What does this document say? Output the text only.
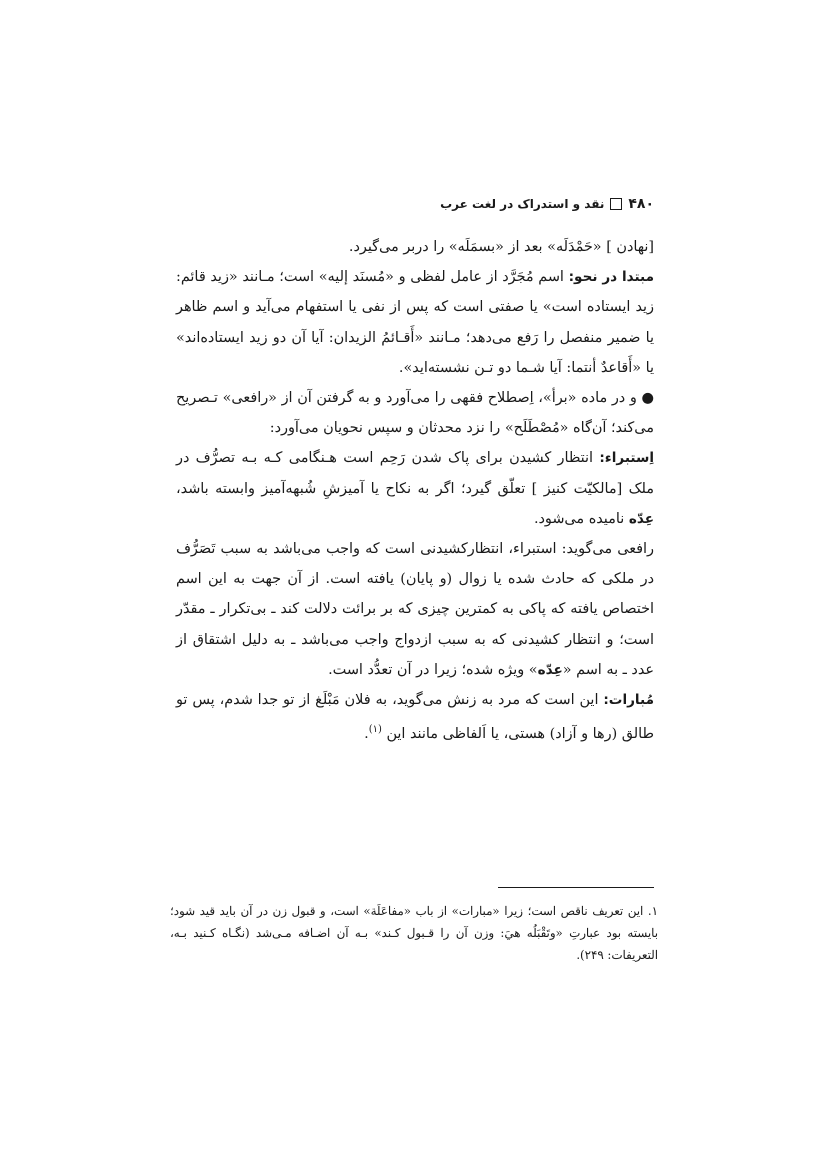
۴۸۰
نقد و استدراک در لغت عرب

[نهادن ] «حَمْدَلَه» بعد از «بسمَلَه» را دربر می‌گیرد.

مبتدا در نحو: اسم مُجَرَّد از عامل لفظی و «مُسنَد إلیه» است؛ مـانند «زید قائم: زید ایستاده است» یا صفتی است که پس از نفی یا استفهام می‌آید و اسم ظاهر یا ضمیر منفصل را رَفع می‌دهد؛ مـانند «أَقـائمُ الزیدان: آیا آن دو زید ایستاده‌اند» یا «أَقاعدٌ أنتما: آیا شـما دو تـن نشسته‌اید».

● و در ماده «برأ»، اِصطلاح فقهی را می‌آورد و به گرفتن آن از «رافعی» تـصریح می‌کند؛ آن‌گاه «مُصْطَلَح» را نزد محدثان و سپس نحویان می‌آورد:

اِستبراء: انتظار کشیدن برای پاک شدن رَحِم است هـنگامی کـه بـه تصرُّف در ملک [مالکیّت کنیز ] تعلّق گیرد؛ اگر به نکاح یا آمیزشِ شُبهه‌آمیز وابسته باشد، عِدّه نامیده می‌شود.

رافعی می‌گوید: استبراء، انتظارکشیدنی است که واجب می‌باشد به سبب تَصَرُّف در ملکی که حادث شده یا زوال (و پایان) یافته است. از آن جهت به این اسم اختصاص یافته که پاکی به کمترین چیزی که بر برائت دلالت کند ـ بی‌تکرار ـ مقدّر است؛ و انتظار کشیدنی که به سبب ازدواج واجب می‌باشد ـ به دلیل اشتقاق از عدد ـ به اسم «عِدّه» ویژه شده؛ زیرا در آن تعدُّد است.

مُبارات: این است که مرد به زنش می‌گوید، به فلان مَبْلَغ از تو جدا شدم، پس تو طالق (رها و آزاد) هستی، یا اَلفاظی مانند این $^{(۱)}$.

۱. این تعریف ناقص است؛ زیرا «مبارات» از باب «مفاعَلَة» است، و قبول زن در آن باید قید شود؛ بایسته بود عبارتِ «وتَقْبَلُه هيَ: وزن آن را قـبول کـند» بـه آن اضـافه مـی‌شد (نگـاه کـنید بـه، التعریفات: ۲۴۹).
